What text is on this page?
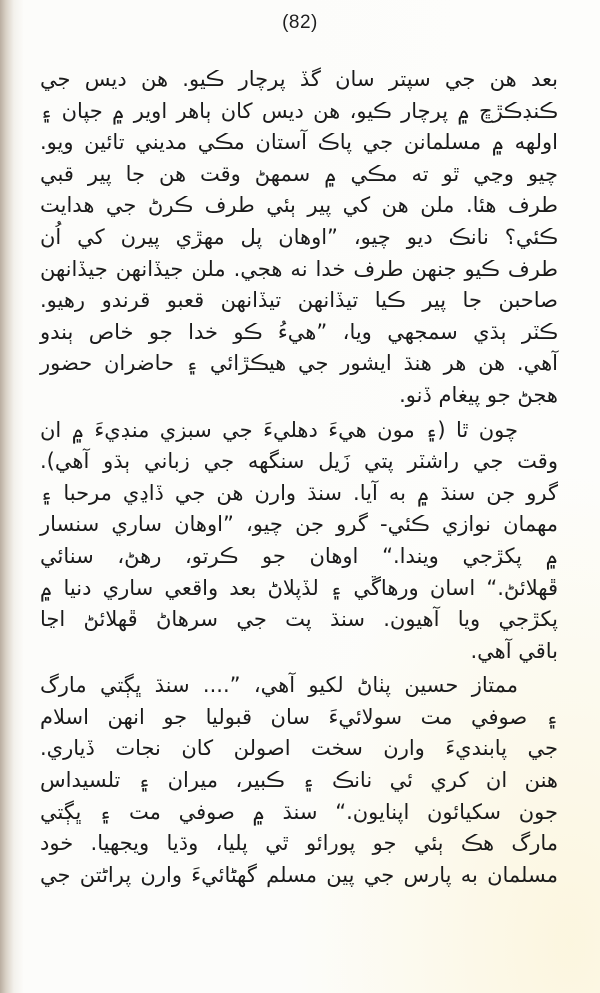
(82)
بعد هن جي سپتر سان گڏ پرچار ڪيو. هن ديس جي
ڪنڊڪڙڇ ۾ پرچار ڪيو، هن ديس کان ٻاهر اوير ۾ جپان ۽
اولهه ۾ مسلمانن جي پاڪ آستان مڪي مديني تائين ويو.
چيو وڃي ٿو ته مڪي ۾ سمهڻ وقت هن جا پير قبي
طرف هئا. ملن هن کي پير ٻئي طرف ڪرڻ جي هدايت
ڪئي؟ نانڪ ديو چيو، ”اوهان پل مهڙي پيرن کي اُن
طرف ڪيو جنهن طرف خدا نه هجي. ملن جيڏانهن جيڏانهن
صاحبن جا پير ڪيا تيڏانهن تيڏانهن قعبو قرندو رهيو.
ڪٽر ٻڌي سمجهي ويا، ”هيءُ ڪو خدا جو خاص ٻندو
آهي. هن هر هنڌ ايشور جي هيڪڙائي ۽ حاضران حضور
هجڻ جو پيغام ڏنو.
چون ٿا (۽ مون هيءَ دهليءَ جي سبزي منڊيءَ ۾ ان
وقت جي راشٽر پتي زَيل سنگهه جي زباني ٻڌو آهي).
گرو جن سنڌ ۾ به آيا. سنڌ وارن هن جي ڏاڍي مرحبا ۽
مهمان نوازي ڪئي- گرو جن چيو، ”اوهان ساري سنسار
۾ پکڙجي ويندا.“ اوهان جو ڪرتو، رهڻ، سنائي
ڦهلائڻ.“ اسان ورهاڱي ۽ لڏپلاڻ بعد واقعي ساري دنيا ۾
پکڙجي ويا آهيون. سنڌ پت جي سرهاڻ ڦهلائڻ اڃا
باقي آهي.
ممتاز حسين پٺاڻ لکيو آهي، ”.... سنڌ ڀڳتي مارگ
۽ صوفي مت سولائيءَ سان قبوليا جو انهن اسلام
جي پابنديءَ وارن سخت اصولن کان نجات ڏياري.
هنن ان کري ئي نانڪ ۽ ڪبير، ميران ۽ تلسيداس
جون سکيائون اپنايون.“ سنڌ ۾ صوفي مت ۽ ڀڳتي
مارگ هڪ ٻئي جو پورائو ٿي پليا، وڌيا ويجهيا. خود
مسلمان به پارس جي پين مسلم گهڻائيءَ وارن پراڻتن جي
